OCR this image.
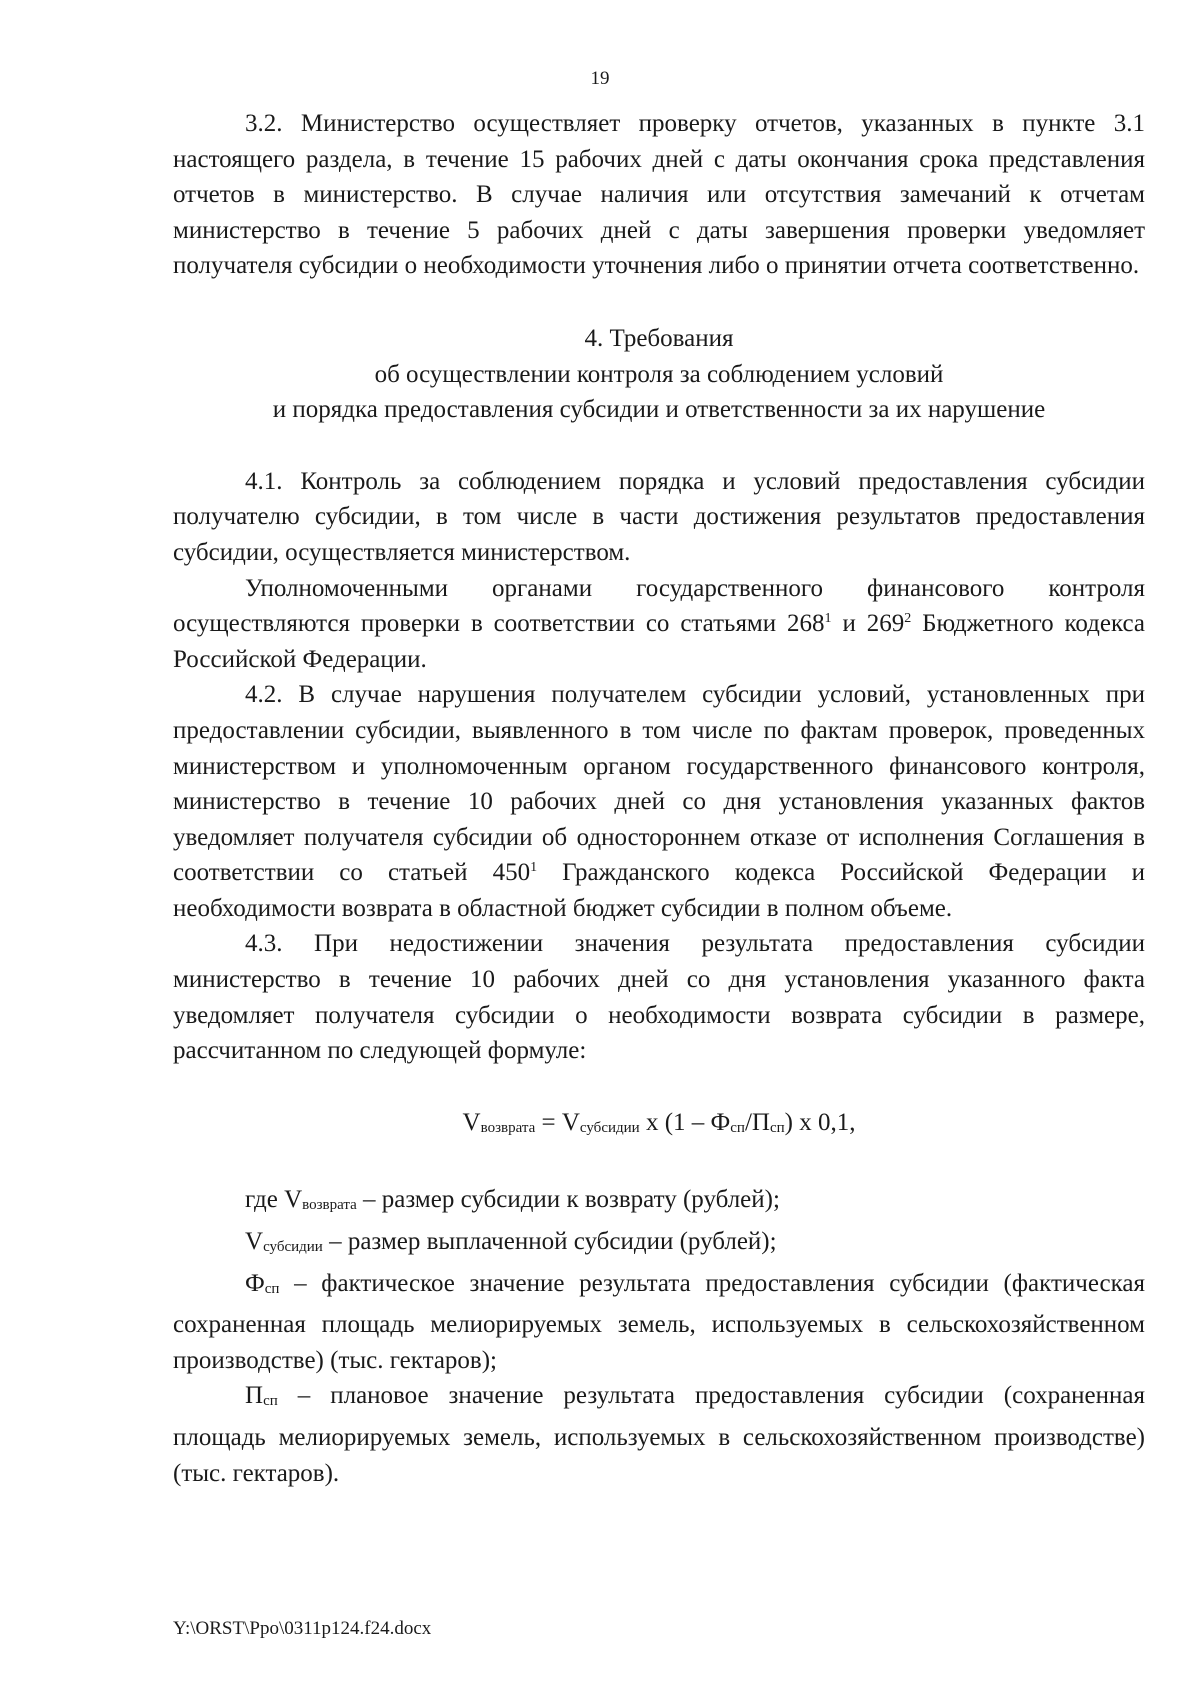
19

3.2. Министерство осуществляет проверку отчетов, указанных в пункте 3.1 настоящего раздела, в течение 15 рабочих дней с даты окончания срока представления отчетов в министерство. В случае наличия или отсутствия замечаний к отчетам министерство в течение 5 рабочих дней с даты завершения проверки уведомляет получателя субсидии о необходимости уточнения либо о принятии отчета соответственно.

4. Требования
об осуществлении контроля за соблюдением условий
и порядка предоставления субсидии и ответственности за их нарушение

4.1. Контроль за соблюдением порядка и условий предоставления субсидии получателю субсидии, в том числе в части достижения результатов предоставления субсидии, осуществляется министерством.

Уполномоченными органами государственного финансового контроля осуществляются проверки в соответствии со статьями $268^1$ и $269^2$ Бюджетного кодекса Российской Федерации.

4.2. В случае нарушения получателем субсидии условий, установленных при предоставлении субсидии, выявленного в том числе по фактам проверок, проведенных министерством и уполномоченным органом государственного финансового контроля, министерство в течение 10 рабочих дней со дня установления указанных фактов уведомляет получателя субсидии об одностороннем отказе от исполнения Соглашения в соответствии со статьей $450^1$ Гражданского кодекса Российской Федерации и необходимости возврата в областной бюджет субсидии в полном объеме.

4.3. При недостижении значения результата предоставления субсидии министерство в течение 10 рабочих дней со дня установления указанного факта уведомляет получателя субсидии о необходимости возврата субсидии в размере, рассчитанном по следующей формуле:

Vвозврата = Vсубсидии х (1 – Фсп/Псп) х 0,1,

где Vвозврата – размер субсидии к возврату (рублей);

Vсубсидии – размер выплаченной субсидии (рублей);

Фсп – фактическое значение результата предоставления субсидии (фактическая сохраненная площадь мелиорируемых земель, используемых в сельскохозяйственном производстве) (тыс. гектаров);

Псп – плановое значение результата предоставления субсидии (сохраненная площадь мелиорируемых земель, используемых в сельскохозяйственном производстве) (тыс. гектаров).

Y:\ORST\Ppo\0311p124.f24.docx
